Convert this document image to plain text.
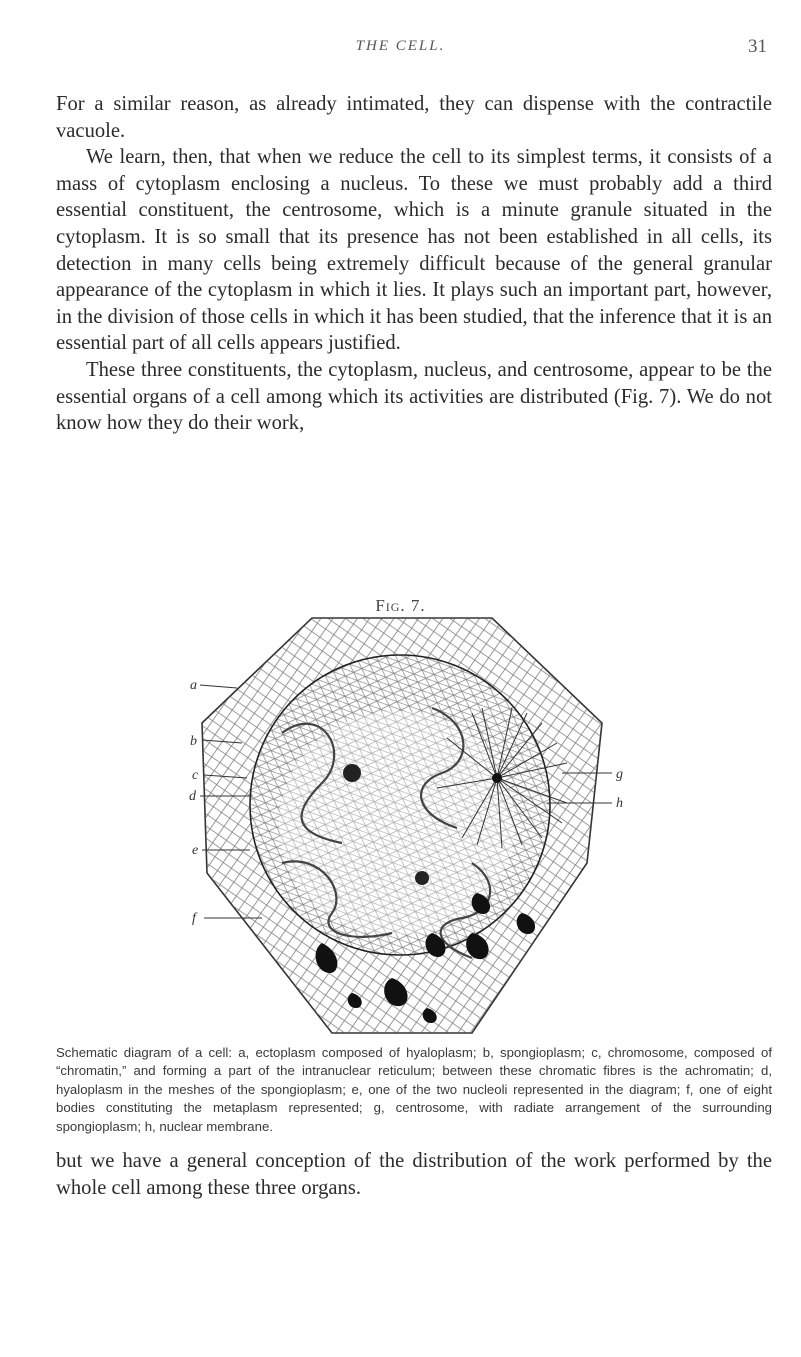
THE CELL.	31

For a similar reason, as already intimated, they can dispense with the contractile vacuole.

We learn, then, that when we reduce the cell to its simplest terms, it consists of a mass of cytoplasm enclosing a nucleus. To these we must probably add a third essential constituent, the centrosome, which is a minute granule situated in the cytoplasm. It is so small that its presence has not been established in all cells, its detection in many cells being extremely difficult because of the general granular appearance of the cytoplasm in which it lies. It plays such an important part, however, in the division of those cells in which it has been studied, that the inference that it is an essential part of all cells appears justified.

These three constituents, the cytoplasm, nucleus, and centrosome, appear to be the essential organs of a cell among which its activities are distributed (Fig. 7). We do not know how they do their work,

Fig. 7.
a
b
c
d
e
f
g
h

Schematic diagram of a cell: a, ectoplasm composed of hyaloplasm; b, spongioplasm; c, chromosome, composed of “chromatin,” and forming a part of the intranuclear reticulum; between these chromatic fibres is the achromatin; d, hyaloplasm in the meshes of the spongioplasm; e, one of the two nucleoli represented in the diagram; f, one of eight bodies constituting the metaplasm represented; g, centrosome, with radiate arrangement of the surrounding spongioplasm; h, nuclear membrane.

but we have a general conception of the distribution of the work performed by the whole cell among these three organs.
